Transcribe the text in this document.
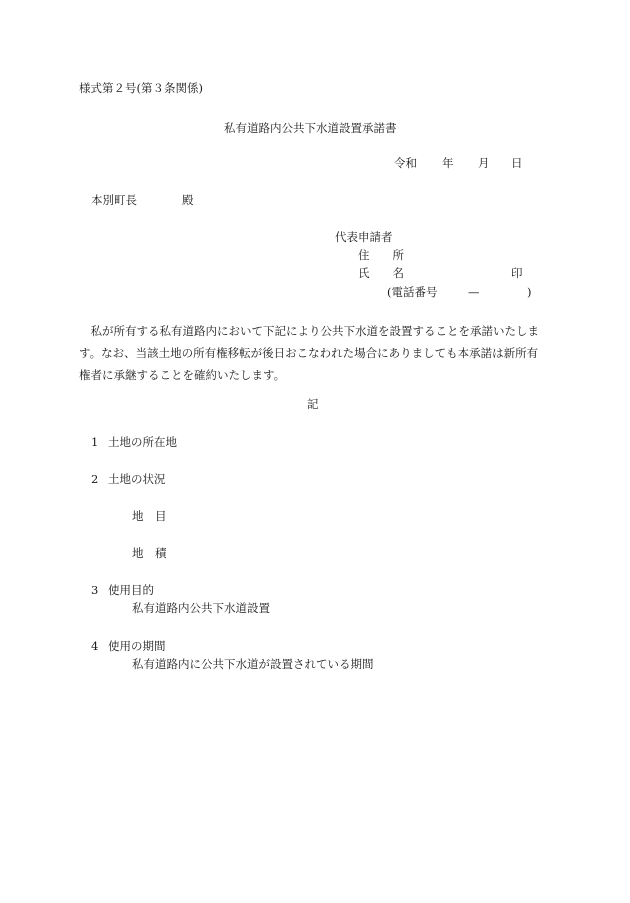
様式第２号(第３条関係)
私有道路内公共下水道設置承諾書
令和 年 月 日
本別町長	殿
代表申請者
住　　所
氏　　名	印
(電話番号	—	)
私が所有する私有道路内において下記により公共下水道を設置することを承諾いたします。なお、当該土地の所有権移転が後日おこなわれた場合にありましても本承諾は新所有権者に承継することを確約いたします。
記
1 土地の所在地
2 土地の状況
地　目
地　積
3 使用目的
私有道路内公共下水道設置
4 使用の期間
私有道路内に公共下水道が設置されている期間
